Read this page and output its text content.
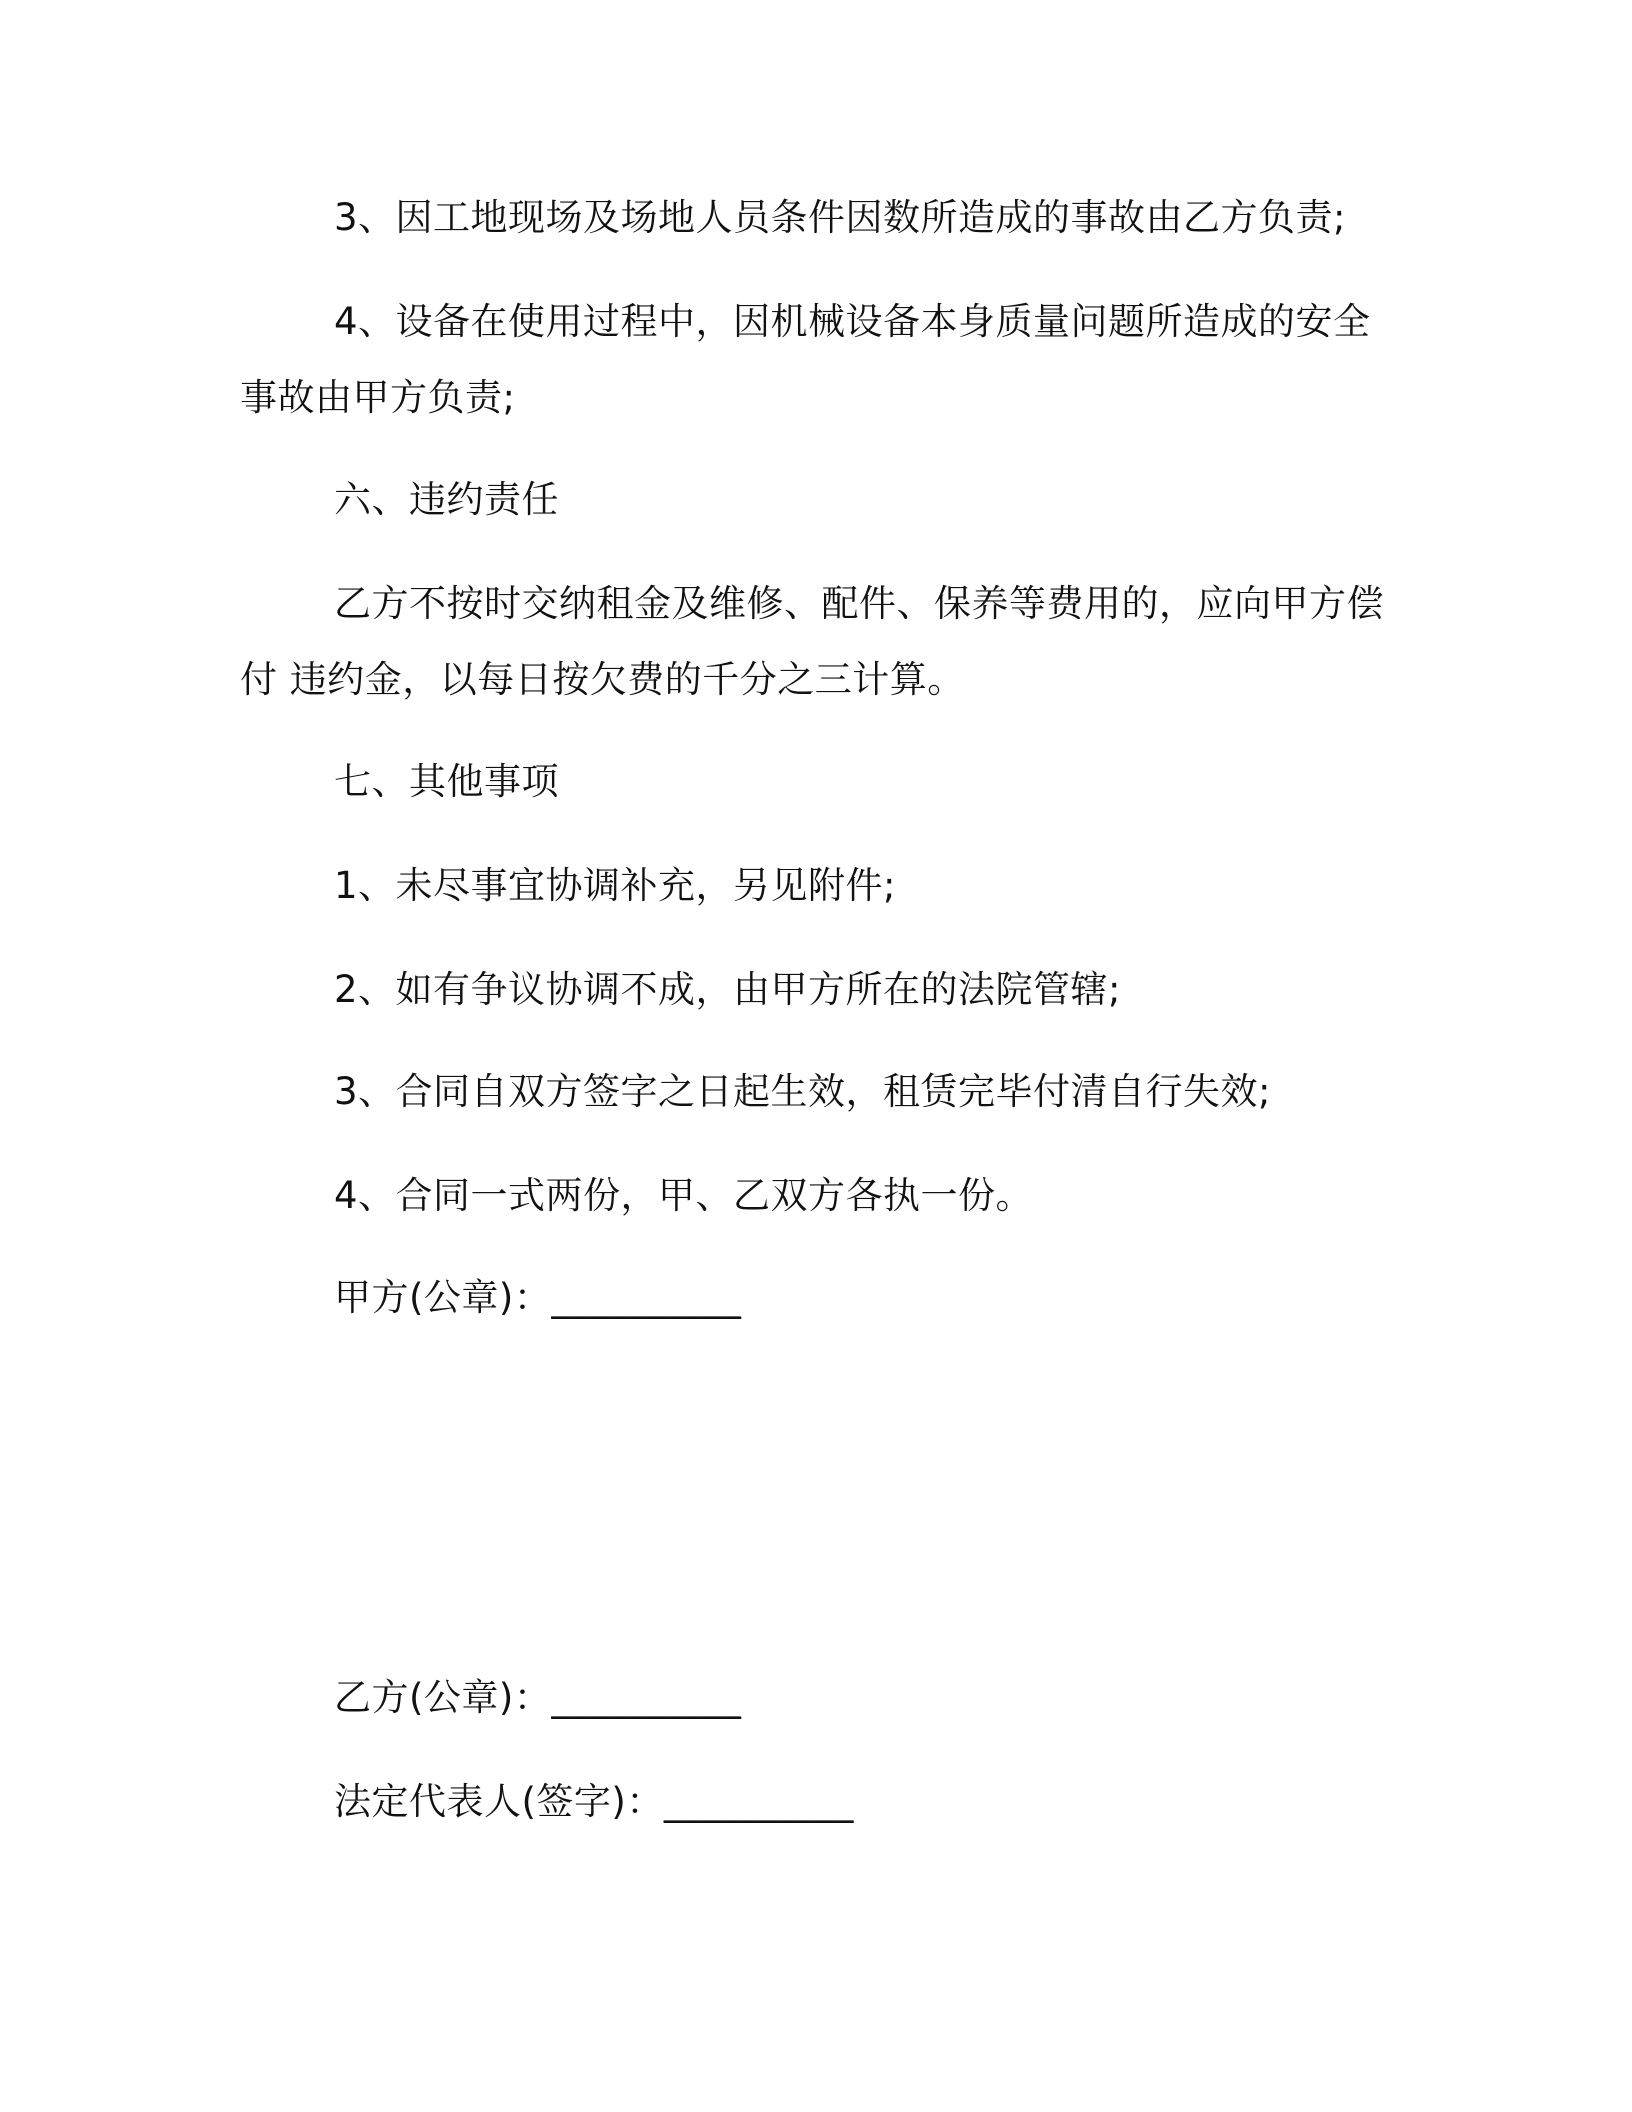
3、因工地现场及场地人员条件因数所造成的事故由乙方负责;

4、设备在使用过程中，因机械设备本身质量问题所造成的安全

事故由甲方负责;

六、违约责任

乙方不按时交纳租金及维修、配件、保养等费用的，应向甲方偿

付 违约金，以每日按欠费的千分之三计算。

七、其他事项

1、未尽事宜协调补充，另见附件;

2、如有争议协调不成，由甲方所在的法院管辖;

3、合同自双方签字之日起生效，租赁完毕付清自行失效;

4、合同一式两份，甲、乙双方各执一份。

甲方(公章)：__________

乙方(公章)：__________

法定代表人(签字)：__________
